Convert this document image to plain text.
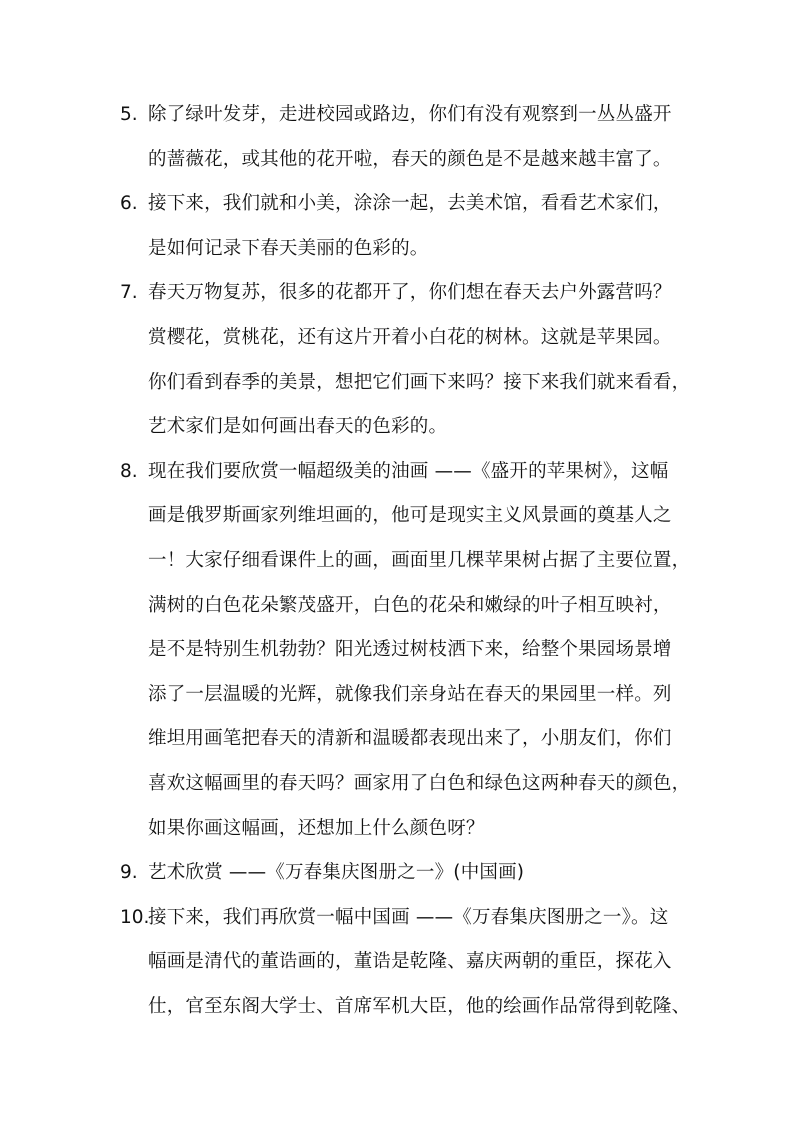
5. 除了绿叶发芽，走进校园或路边，你们有没有观察到一丛丛盛开
的蔷薇花，或其他的花开啦，春天的颜色是不是越来越丰富了。
6. 接下来，我们就和小美，涂涂一起，去美术馆，看看艺术家们，
是如何记录下春天美丽的色彩的。
7. 春天万物复苏，很多的花都开了，你们想在春天去户外露营吗？
赏樱花，赏桃花，还有这片开着小白花的树林。这就是苹果园。
你们看到春季的美景，想把它们画下来吗？接下来我们就来看看，
艺术家们是如何画出春天的色彩的。
8. 现在我们要欣赏一幅超级美的油画 ——《盛开的苹果树》，这幅
画是俄罗斯画家列维坦画的，他可是现实主义风景画的奠基人之
一！大家仔细看课件上的画，画面里几棵苹果树占据了主要位置，
满树的白色花朵繁茂盛开，白色的花朵和嫩绿的叶子相互映衬，
是不是特别生机勃勃？阳光透过树枝洒下来，给整个果园场景增
添了一层温暖的光辉，就像我们亲身站在春天的果园里一样。列
维坦用画笔把春天的清新和温暖都表现出来了，小朋友们，你们
喜欢这幅画里的春天吗？画家用了白色和绿色这两种春天的颜色，
如果你画这幅画，还想加上什么颜色呀？
9. 艺术欣赏 ——《万春集庆图册之一》(中国画)
10.
接下来，我们再欣赏一幅中国画 ——《万春集庆图册之一》。这
幅画是清代的董诰画的，董诰是乾隆、嘉庆两朝的重臣，探花入
仕，官至东阁大学士、首席军机大臣，他的绘画作品常得到乾隆、
